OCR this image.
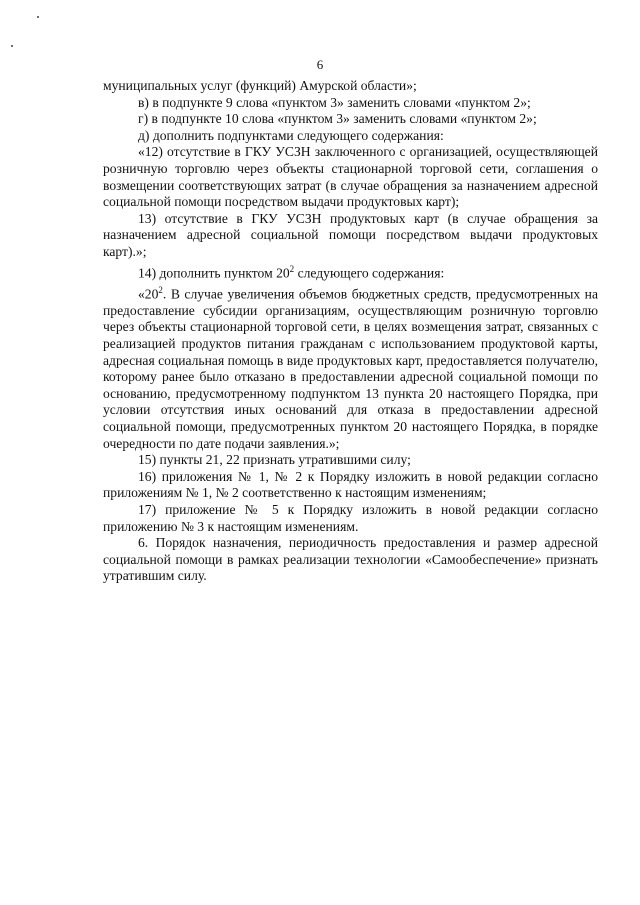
6

муниципальных услуг (функций) Амурской области»;

в) в подпункте 9 слова «пунктом 3» заменить словами «пунктом 2»;

г) в подпункте 10 слова «пунктом 3» заменить словами «пунктом 2»;

д) дополнить подпунктами следующего содержания:

«12) отсутствие в ГКУ УСЗН заключенного с организацией, осуществляющей розничную торговлю через объекты стационарной торговой сети, соглашения о возмещении соответствующих затрат (в случае обращения за назначением адресной социальной помощи посредством выдачи продуктовых карт);

13) отсутствие в ГКУ УСЗН продуктовых карт (в случае обращения за назначением адресной социальной помощи посредством выдачи продуктовых карт).»;

14) дополнить пунктом $20^2$ следующего содержания:

«$20^2$. В случае увеличения объемов бюджетных средств, предусмотренных на предоставление субсидии организациям, осуществляющим розничную торговлю через объекты стационарной торговой сети, в целях возмещения затрат, связанных с реализацией продуктов питания гражданам с использованием продуктовой карты, адресная социальная помощь в виде продуктовых карт, предоставляется получателю, которому ранее было отказано в предоставлении адресной социальной помощи по основанию, предусмотренному подпунктом 13 пункта 20 настоящего Порядка, при условии отсутствия иных оснований для отказа в предоставлении адресной социальной помощи, предусмотренных пунктом 20 настоящего Порядка, в порядке очередности по дате подачи заявления.»;

15) пункты 21, 22 признать утратившими силу;

16) приложения № 1, № 2 к Порядку изложить в новой редакции согласно приложениям № 1, № 2 соответственно к настоящим изменениям;

17) приложение № 5 к Порядку изложить в новой редакции согласно приложению № 3 к настоящим изменениям.

6. Порядок назначения, периодичность предоставления и размер адресной социальной помощи в рамках реализации технологии «Самообеспечение» признать утратившим силу.
